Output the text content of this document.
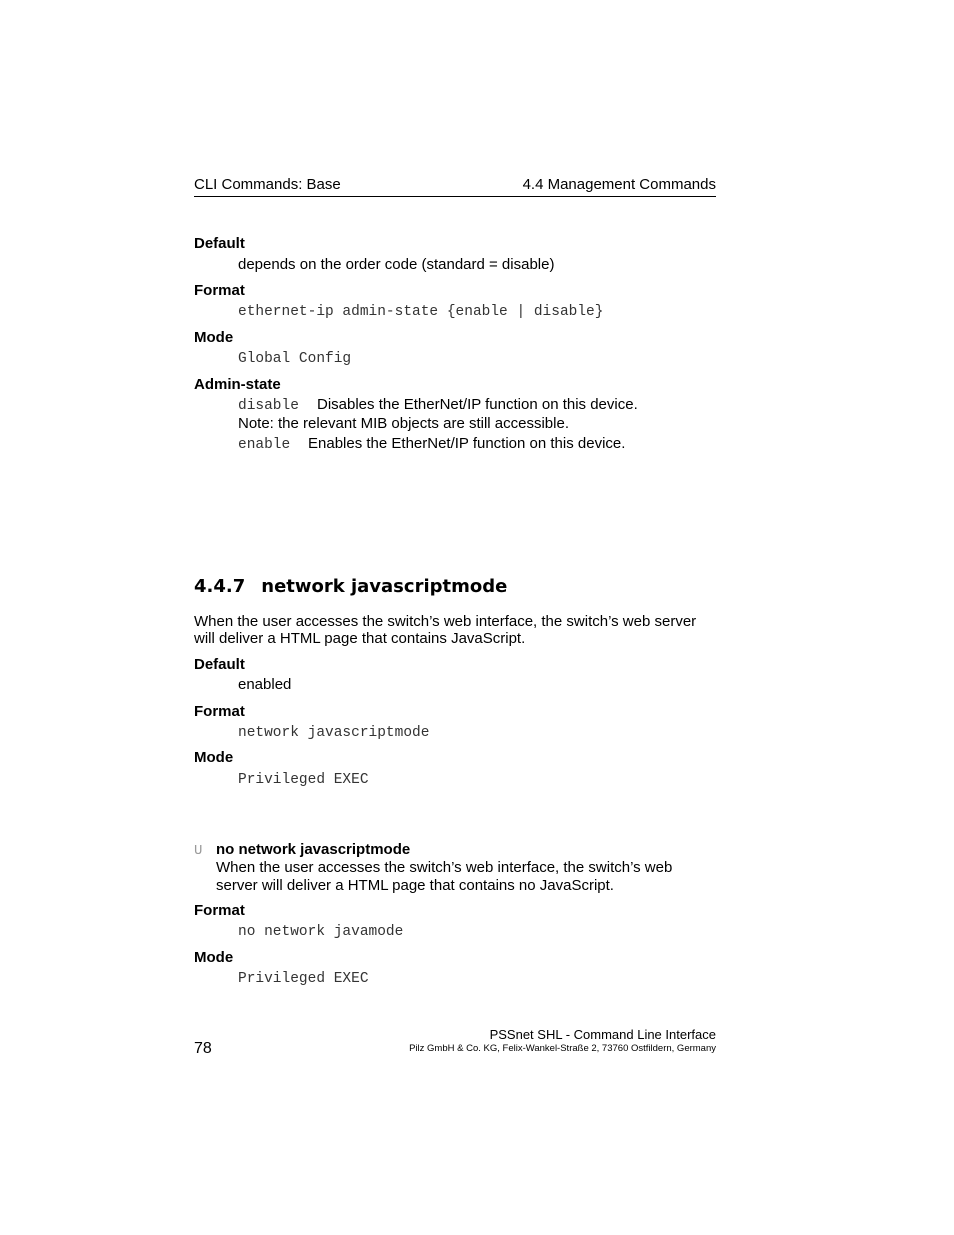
CLI Commands: Base	4.4 Management Commands
Default
depends on the order code (standard = disable)
Format
ethernet-ip admin-state {enable | disable}
Mode
Global Config
Admin-state
disable Disables the EtherNet/IP function on this device.
Note: the relevant MIB objects are still accessible.
enable Enables the EtherNet/IP function on this device.
4.4.7 network javascriptmode
When the user accesses the switch’s web interface, the switch’s web server
will deliver a HTML page that contains JavaScript.
Default
enabled
Format
network javascriptmode
Mode
Privileged EXEC
U no network javascriptmode
When the user accesses the switch’s web interface, the switch’s web
server will deliver a HTML page that contains no JavaScript.
Format
no network javamode
Mode
Privileged EXEC
78
PSSnet SHL - Command Line Interface
Pilz GmbH & Co. KG, Felix-Wankel-Straße 2, 73760 Ostfildern, Germany
